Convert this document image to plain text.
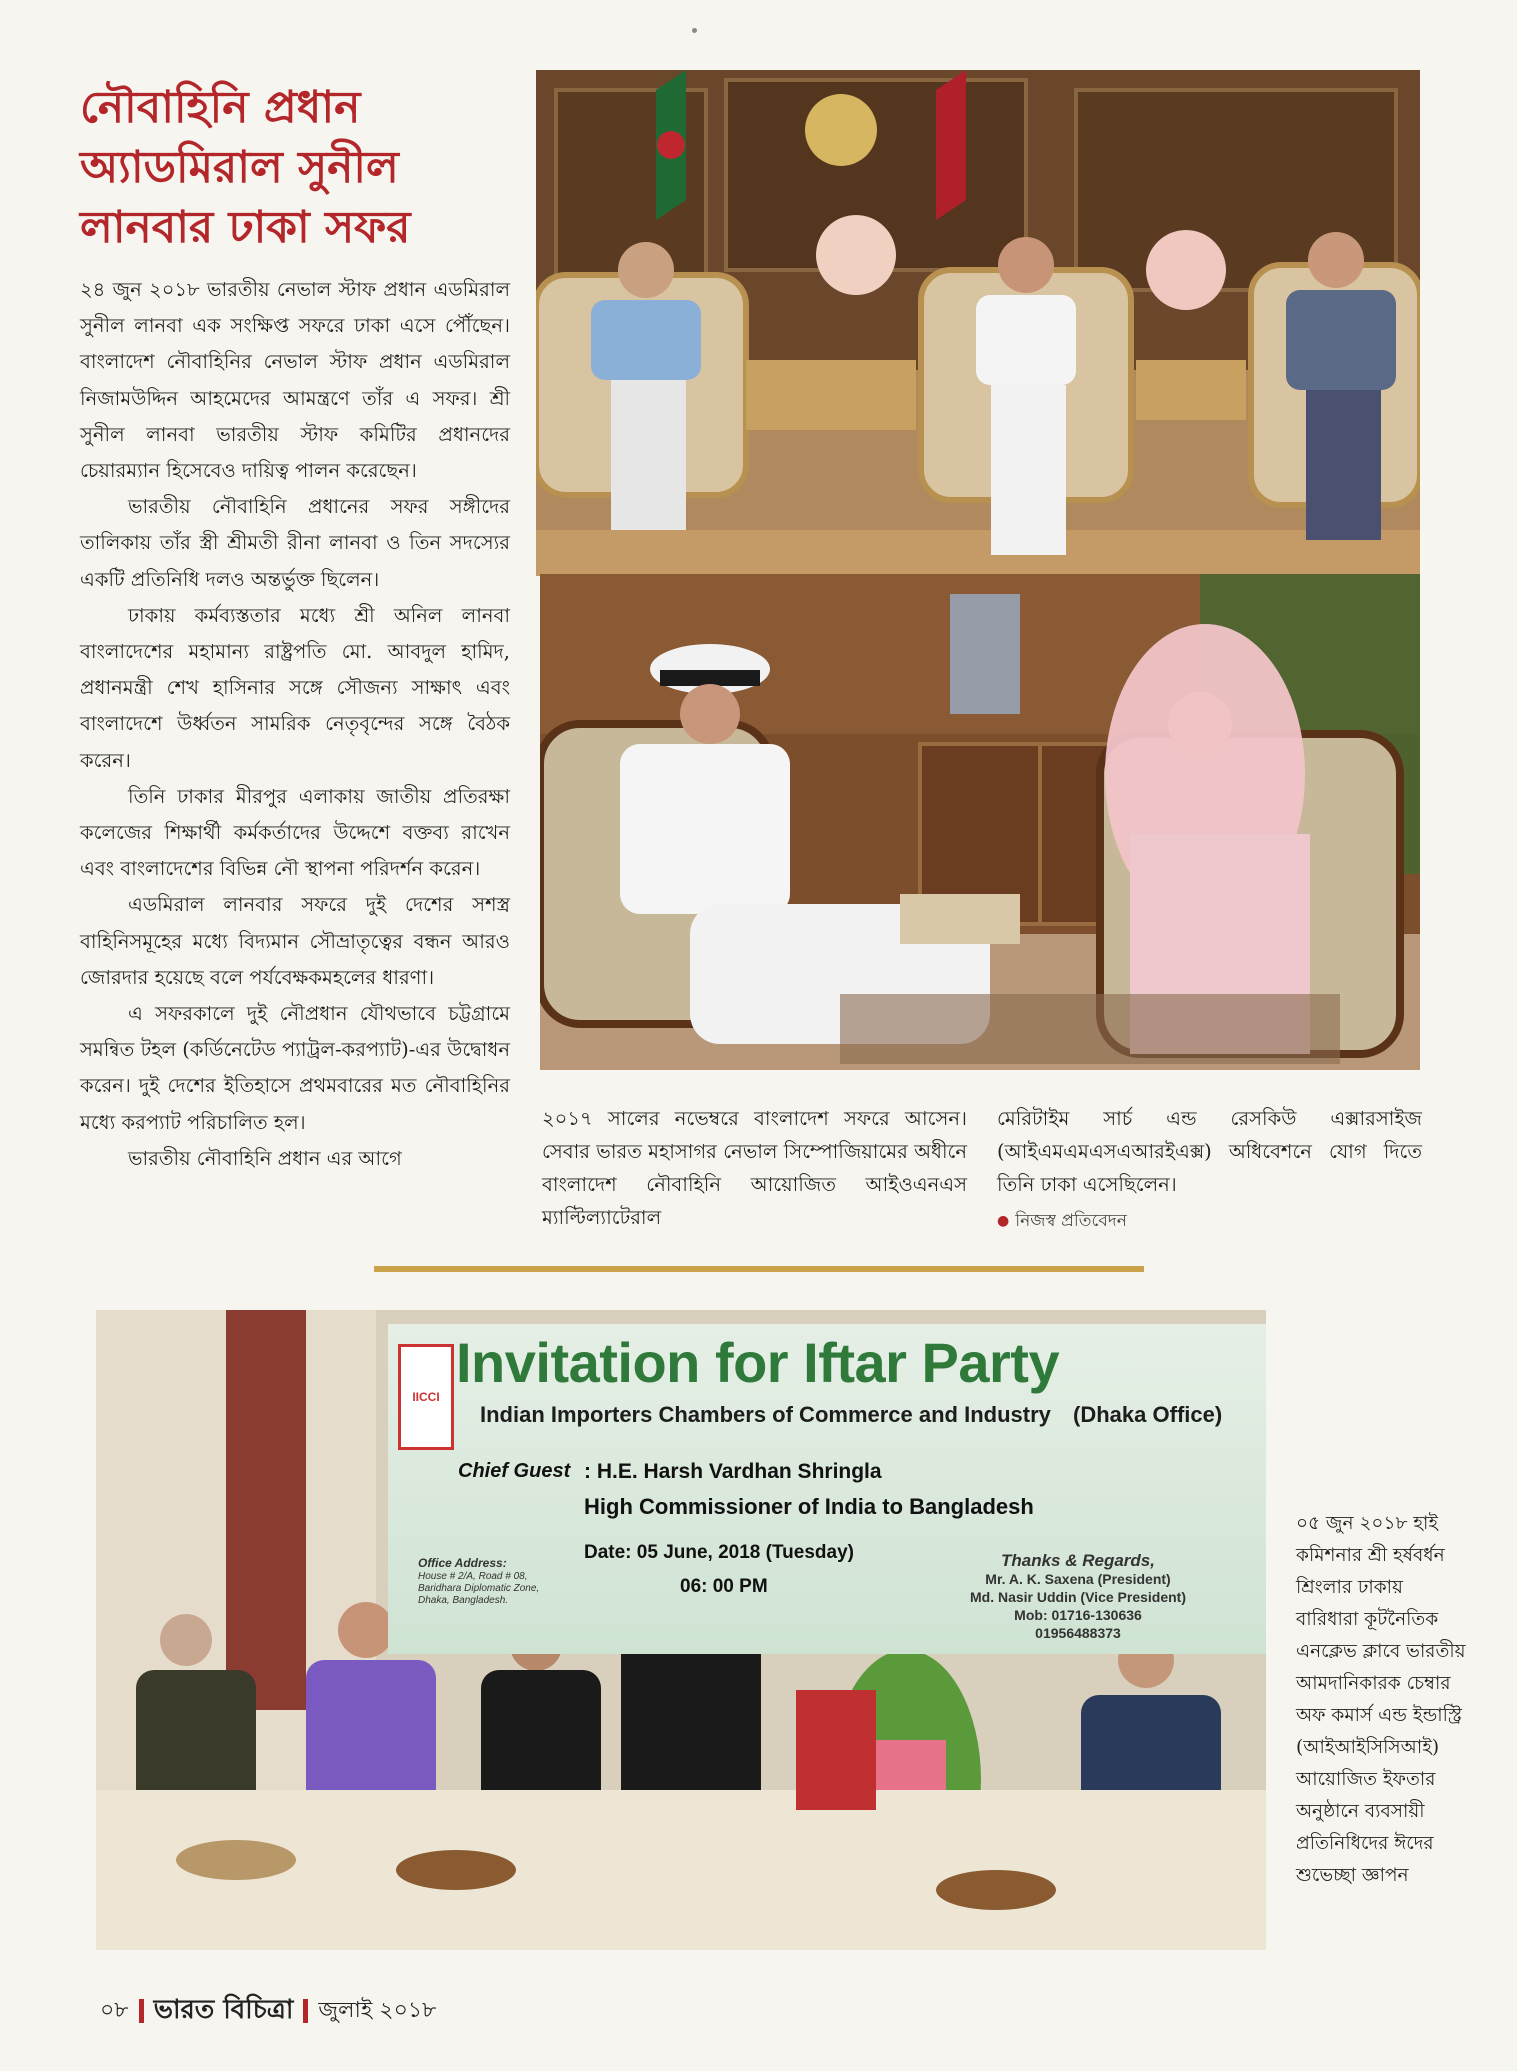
নৌবাহিনি প্রধান
অ্যাডমিরাল সুনীল
লানবার ঢাকা সফর

২৪ জুন ২০১৮ ভারতীয় নেভাল স্টাফ প্রধান এডমিরাল সুনীল লানবা এক সংক্ষিপ্ত সফরে ঢাকা এসে পৌঁছেন। বাংলাদেশ নৌবাহিনির নেভাল স্টাফ প্রধান এডমিরাল নিজামউদ্দিন আহমেদের আমন্ত্রণে তাঁর এ সফর। শ্রী সুনীল লানবা ভারতীয় স্টাফ কমিটির প্রধানদের চেয়ারম্যান হিসেবেও দায়িত্ব পালন করেছেন।

ভারতীয় নৌবাহিনি প্রধানের সফর সঙ্গীদের তালিকায় তাঁর স্ত্রী শ্রীমতী রীনা লানবা ও তিন সদস্যের একটি প্রতিনিধি দলও অন্তর্ভুক্ত ছিলেন।

ঢাকায় কর্মব্যস্ততার মধ্যে শ্রী অনিল লানবা বাংলাদেশের মহামান্য রাষ্ট্রপতি মো. আবদুল হামিদ, প্রধানমন্ত্রী শেখ হাসিনার সঙ্গে সৌজন্য সাক্ষাৎ এবং বাংলাদেশে উর্ধ্বতন সামরিক নেতৃবৃন্দের সঙ্গে বৈঠক করেন।

তিনি ঢাকার মীরপুর এলাকায় জাতীয় প্রতিরক্ষা কলেজের শিক্ষার্থী কর্মকর্তাদের উদ্দেশে বক্তব্য রাখেন এবং বাংলাদেশের বিভিন্ন নৌ স্থাপনা পরিদর্শন করেন।

এডমিরাল লানবার সফরে দুই দেশের সশস্ত্র বাহিনিসমূহের মধ্যে বিদ্যমান সৌভ্রাতৃত্বের বন্ধন আরও জোরদার হয়েছে বলে পর্যবেক্ষকমহলের ধারণা।

এ সফরকালে দুই নৌপ্রধান যৌথভাবে চট্টগ্রামে সমন্বিত টহল (কর্ডিনেটেড প্যাট্রল-করপ্যাট)-এর উদ্বোধন করেন। দুই দেশের ইতিহাসে প্রথমবারের মত নৌবাহিনির মধ্যে করপ্যাট পরিচালিত হল।

ভারতীয় নৌবাহিনি প্রধান এর আগে

২০১৭ সালের নভেম্বরে বাংলাদেশ সফরে আসেন। সেবার ভারত মহাসাগর নেভাল সিম্পোজিয়ামের অধীনে বাংলাদেশ নৌবাহিনি আয়োজিত আইওএনএস ম্যাল্টিল্যাটেরাল
মেরিটাইম সার্চ এন্ড রেসকিউ এক্সারসাইজ (আইএমএমএসএআরইএক্স) অধিবেশনে যোগ দিতে তিনি ঢাকা এসেছিলেন।
● নিজস্ব প্রতিবেদন
IICCI
Invitation for Iftar Party
Indian Importers Chambers of Commerce and Industry (Dhaka Office)
Chief Guest : H.E. Harsh Vardhan Shringla
High Commissioner of India to Bangladesh
Date: 05 June, 2018 (Tuesday)
06: 00 PM
Office Address:
House # 2/A, Road # 08, Baridhara Diplomatic Zone, Dhaka, Bangladesh.
Thanks & Regards,
Mr. A. K. Saxena (President)
Md. Nasir Uddin (Vice President)
Mob: 01716-130636
01956488373
০৫ জুন ২০১৮ হাই কমিশনার শ্রী হর্ষবর্ধন শ্রিংলার ঢাকায় বারিধারা কূটনৈতিক এনক্লেভ ক্লাবে ভারতীয় আমদানিকারক চেম্বার অফ কমার্স এন্ড ইন্ডাস্ট্রি (আইআইসিসিআই) আয়োজিত ইফতার অনুষ্ঠানে ব্যবসায়ী প্রতিনিধিদের ঈদের শুভেচ্ছা জ্ঞাপন
০৮ ভারত বিচিত্রা জুলাই ২০১৮
